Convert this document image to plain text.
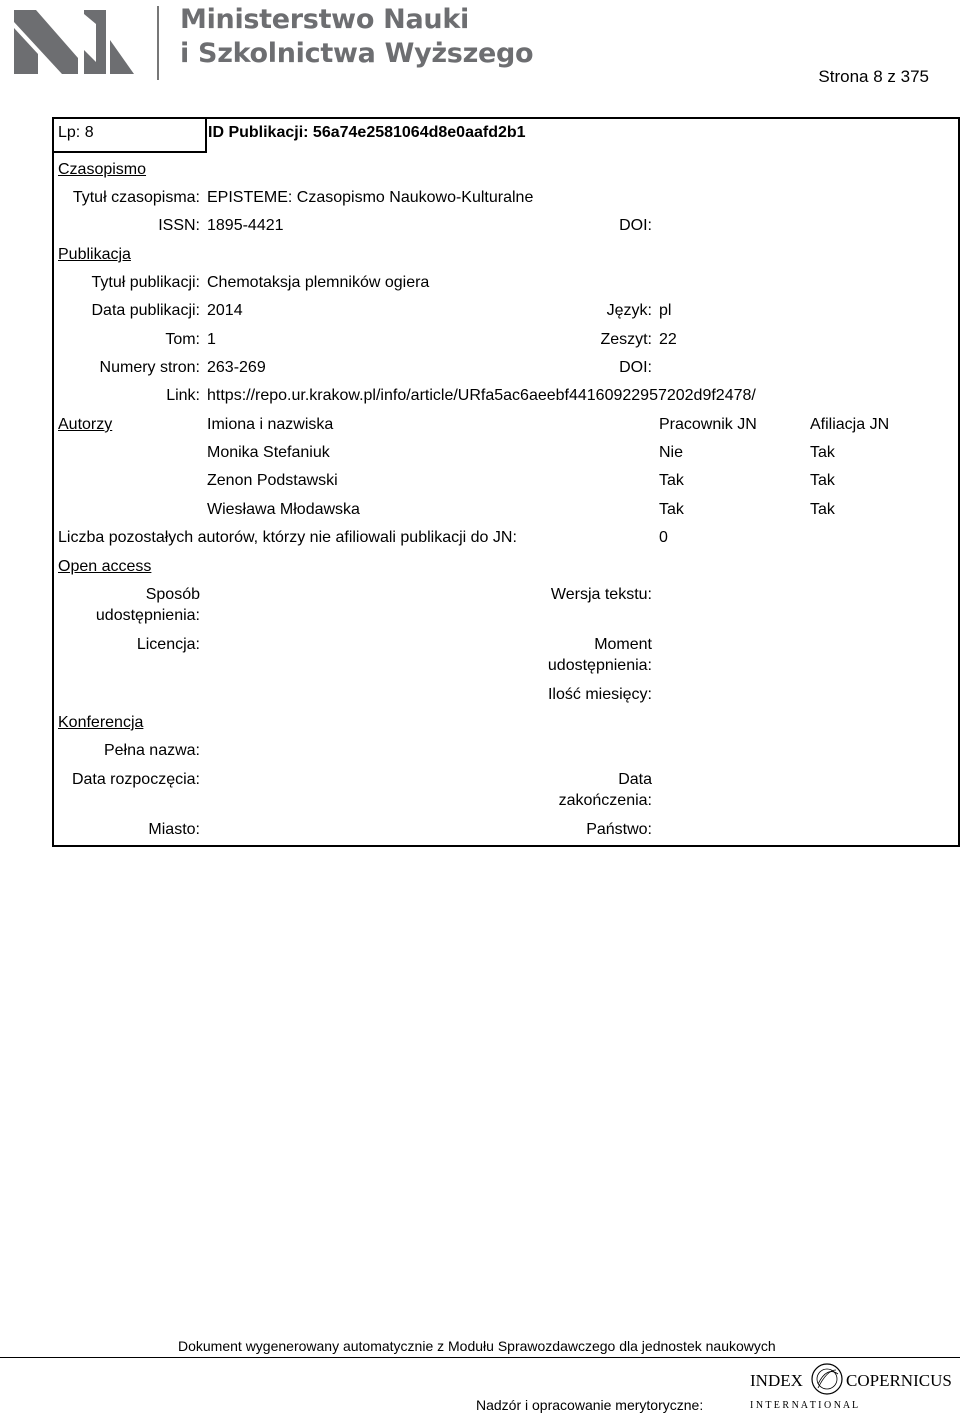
Ministerstwo Nauki
i Szkolnictwa Wyższego
Strona 8 z 375
Lp: 8	ID Publikacji: 56a74e2581064d8e0aafd2b1
Czasopismo
Tytuł czasopisma: EPISTEME: Czasopismo Naukowo-Kulturalne
ISSN: 1895-4421	DOI:
Publikacja
Tytuł publikacji: Chemotaksja plemników ogiera
Data publikacji: 2014	Język: pl
Tom: 1	Zeszyt: 22
Numery stron: 263-269	DOI:
Link: https://repo.ur.krakow.pl/info/article/URfa5ac6aeebf44160922957202d9f2478/
Autorzy	Imiona i nazwiska	Pracownik JN	Afiliacja JN
Monika Stefaniuk	Nie	Tak
Zenon Podstawski	Tak	Tak
Wiesława Młodawska	Tak	Tak
Liczba pozostałych autorów, którzy nie afiliowali publikacji do JN:	0
Open access
Sposób
udostępnienia:
Wersja tekstu:
Licencja:	Moment
udostępnienia:
Ilość miesięcy:
Konferencja
Pełna nazwa:
Data rozpoczęcia:	Data
zakończenia:
Miasto:	Państwo:
Dokument wygenerowany automatycznie z Modułu Sprawozdawczego dla jednostek naukowych
Nadzór i opracowanie merytoryczne:
INDEX	COPERNICUS
I N T E R N A T I O N A L
